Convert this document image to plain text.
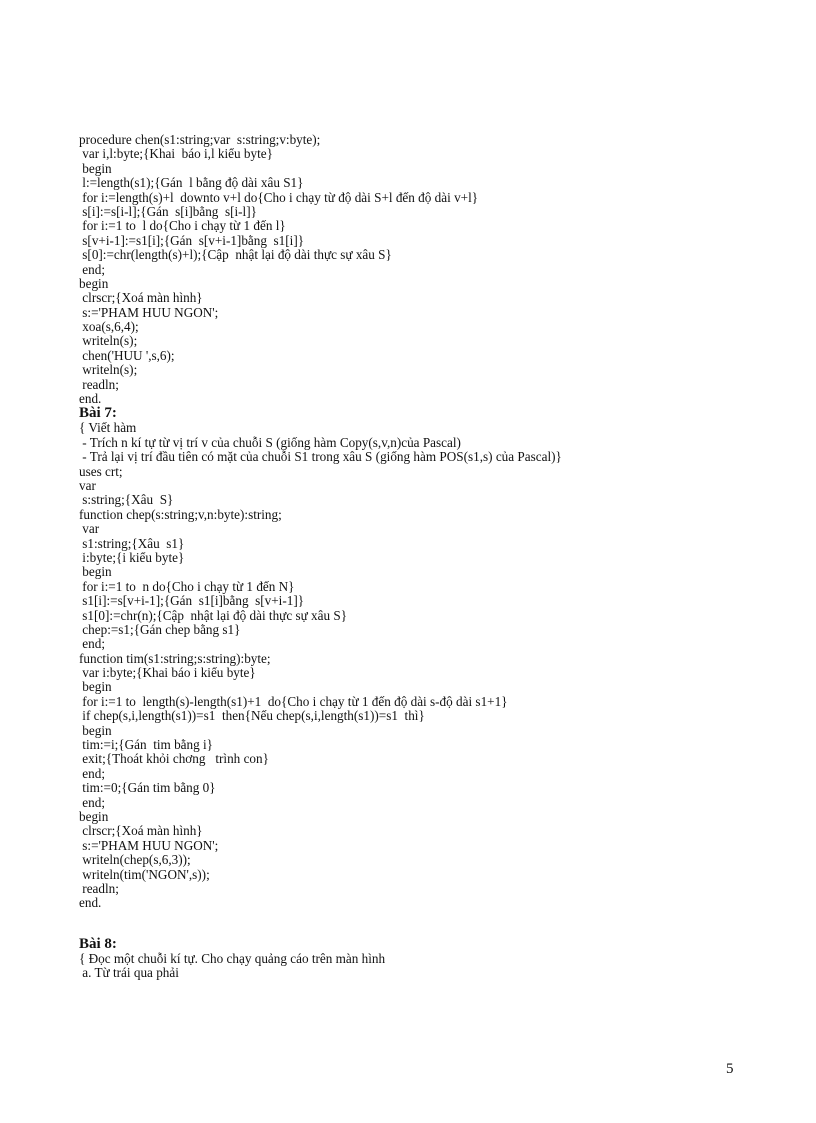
procedure chen(s1:string;var  s:string;v:byte);
var i,l:byte;{Khai  báo i,l kiểu byte}
begin
l:=length(s1);{Gán  l bằng độ dài xâu S1}
for i:=length(s)+l  downto v+l do{Cho i chạy từ độ dài S+l đến độ dài v+l}
s[i]:=s[i-l];{Gán  s[i]bằng  s[i-l]}
for i:=1 to  l do{Cho i chạy từ 1 đến l}
s[v+i-1]:=s1[i];{Gán  s[v+i-1]bằng  s1[i]}
s[0]:=chr(length(s)+l);{Cập  nhật lại độ dài thực sự xâu S}
end;
begin
clrscr;{Xoá màn hình}
s:='PHAM HUU NGON';
xoa(s,6,4);
writeln(s);
chen('HUU ',s,6);
writeln(s);
readln;
end.
Bài 7:
{ Viết hàm
- Trích n kí tự từ vị trí v của chuỗi S (giống hàm Copy(s,v,n)của Pascal)
- Trả lại vị trí đầu tiên có mặt của chuỗi S1 trong xâu S (giống hàm POS(s1,s) của Pascal)}
uses crt;
var
s:string;{Xâu  S}
function chep(s:string;v,n:byte):string;
var
s1:string;{Xâu  s1}
i:byte;{i kiểu byte}
begin
for i:=1 to  n do{Cho i chạy từ 1 đến N}
s1[i]:=s[v+i-1];{Gán  s1[i]bằng  s[v+i-1]}
s1[0]:=chr(n);{Cập  nhật lại độ dài thực sự xâu S}
chep:=s1;{Gán chep bằng s1}
end;
function tim(s1:string;s:string):byte;
var i:byte;{Khai báo i kiểu byte}
begin
for i:=1 to  length(s)-length(s1)+1  do{Cho i chạy từ 1 đến độ dài s-độ dài s1+1}
if chep(s,i,length(s1))=s1  then{Nếu chep(s,i,length(s1))=s1  thì}
begin
tim:=i;{Gán  tim bằng i}
exit;{Thoát khỏi chơng   trình con}
end;
tim:=0;{Gán tim bằng 0}
end;
begin
clrscr;{Xoá màn hình}
s:='PHAM HUU NGON';
writeln(chep(s,6,3));
writeln(tim('NGON',s));
readln;
end.
Bài 8:
{ Đọc một chuỗi kí tự. Cho chạy quảng cáo trên màn hình
a. Từ trái qua phải
5
